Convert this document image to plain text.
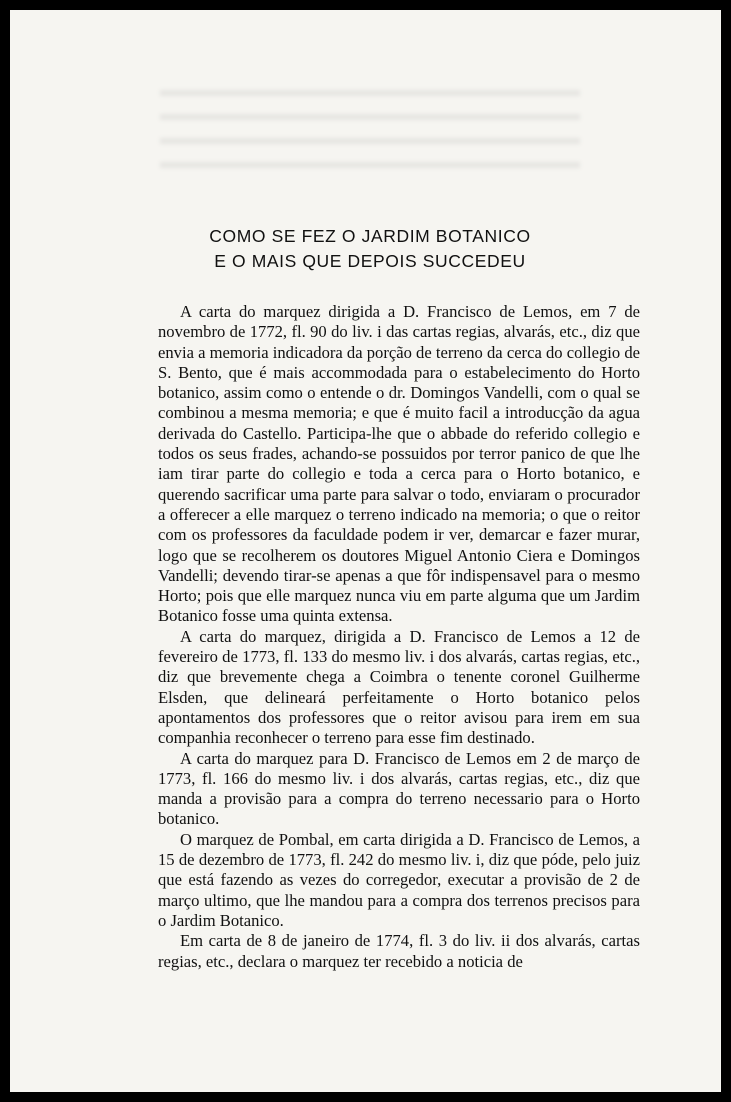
COMO SE FEZ O JARDIM BOTANICO
E O MAIS QUE DEPOIS SUCCEDEU

A carta do marquez dirigida a D. Francisco de Lemos, em 7 de novembro de 1772, fl. 90 do liv. i das cartas regias, alvarás, etc., diz que envia a memoria indicadora da porção de terreno da cerca do collegio de S. Bento, que é mais accommodada para o estabelecimento do Horto botanico, assim como o entende o dr. Domingos Vandelli, com o qual se combinou a mesma memoria; e que é muito facil a introducção da agua derivada do Castello. Participa-lhe que o abbade do referido collegio e todos os seus frades, achando-se possuidos por terror panico de que lhe iam tirar parte do collegio e toda a cerca para o Horto botanico, e querendo sacrificar uma parte para salvar o todo, enviaram o procurador a offerecer a elle marquez o terreno indicado na memoria; o que o reitor com os professores da faculdade podem ir ver, demarcar e fazer murar, logo que se recolherem os doutores Miguel Antonio Ciera e Domingos Vandelli; devendo tirar-se apenas a que fôr indispensavel para o mesmo Horto; pois que elle marquez nunca viu em parte alguma que um Jardim Botanico fosse uma quinta extensa.

A carta do marquez, dirigida a D. Francisco de Lemos a 12 de fevereiro de 1773, fl. 133 do mesmo liv. i dos alvarás, cartas regias, etc., diz que brevemente chega a Coimbra o tenente coronel Guilherme Elsden, que delineará perfeitamente o Horto botanico pelos apontamentos dos professores que o reitor avisou para irem em sua companhia reconhecer o terreno para esse fim destinado.

A carta do marquez para D. Francisco de Lemos em 2 de março de 1773, fl. 166 do mesmo liv. i dos alvarás, cartas regias, etc., diz que manda a provisão para a compra do terreno necessario para o Horto botanico.

O marquez de Pombal, em carta dirigida a D. Francisco de Lemos, a 15 de dezembro de 1773, fl. 242 do mesmo liv. i, diz que póde, pelo juiz que está fazendo as vezes do corregedor, executar a provisão de 2 de março ultimo, que lhe mandou para a compra dos terrenos precisos para o Jardim Botanico.

Em carta de 8 de janeiro de 1774, fl. 3 do liv. ii dos alvarás, cartas regias, etc., declara o marquez ter recebido a noticia de
